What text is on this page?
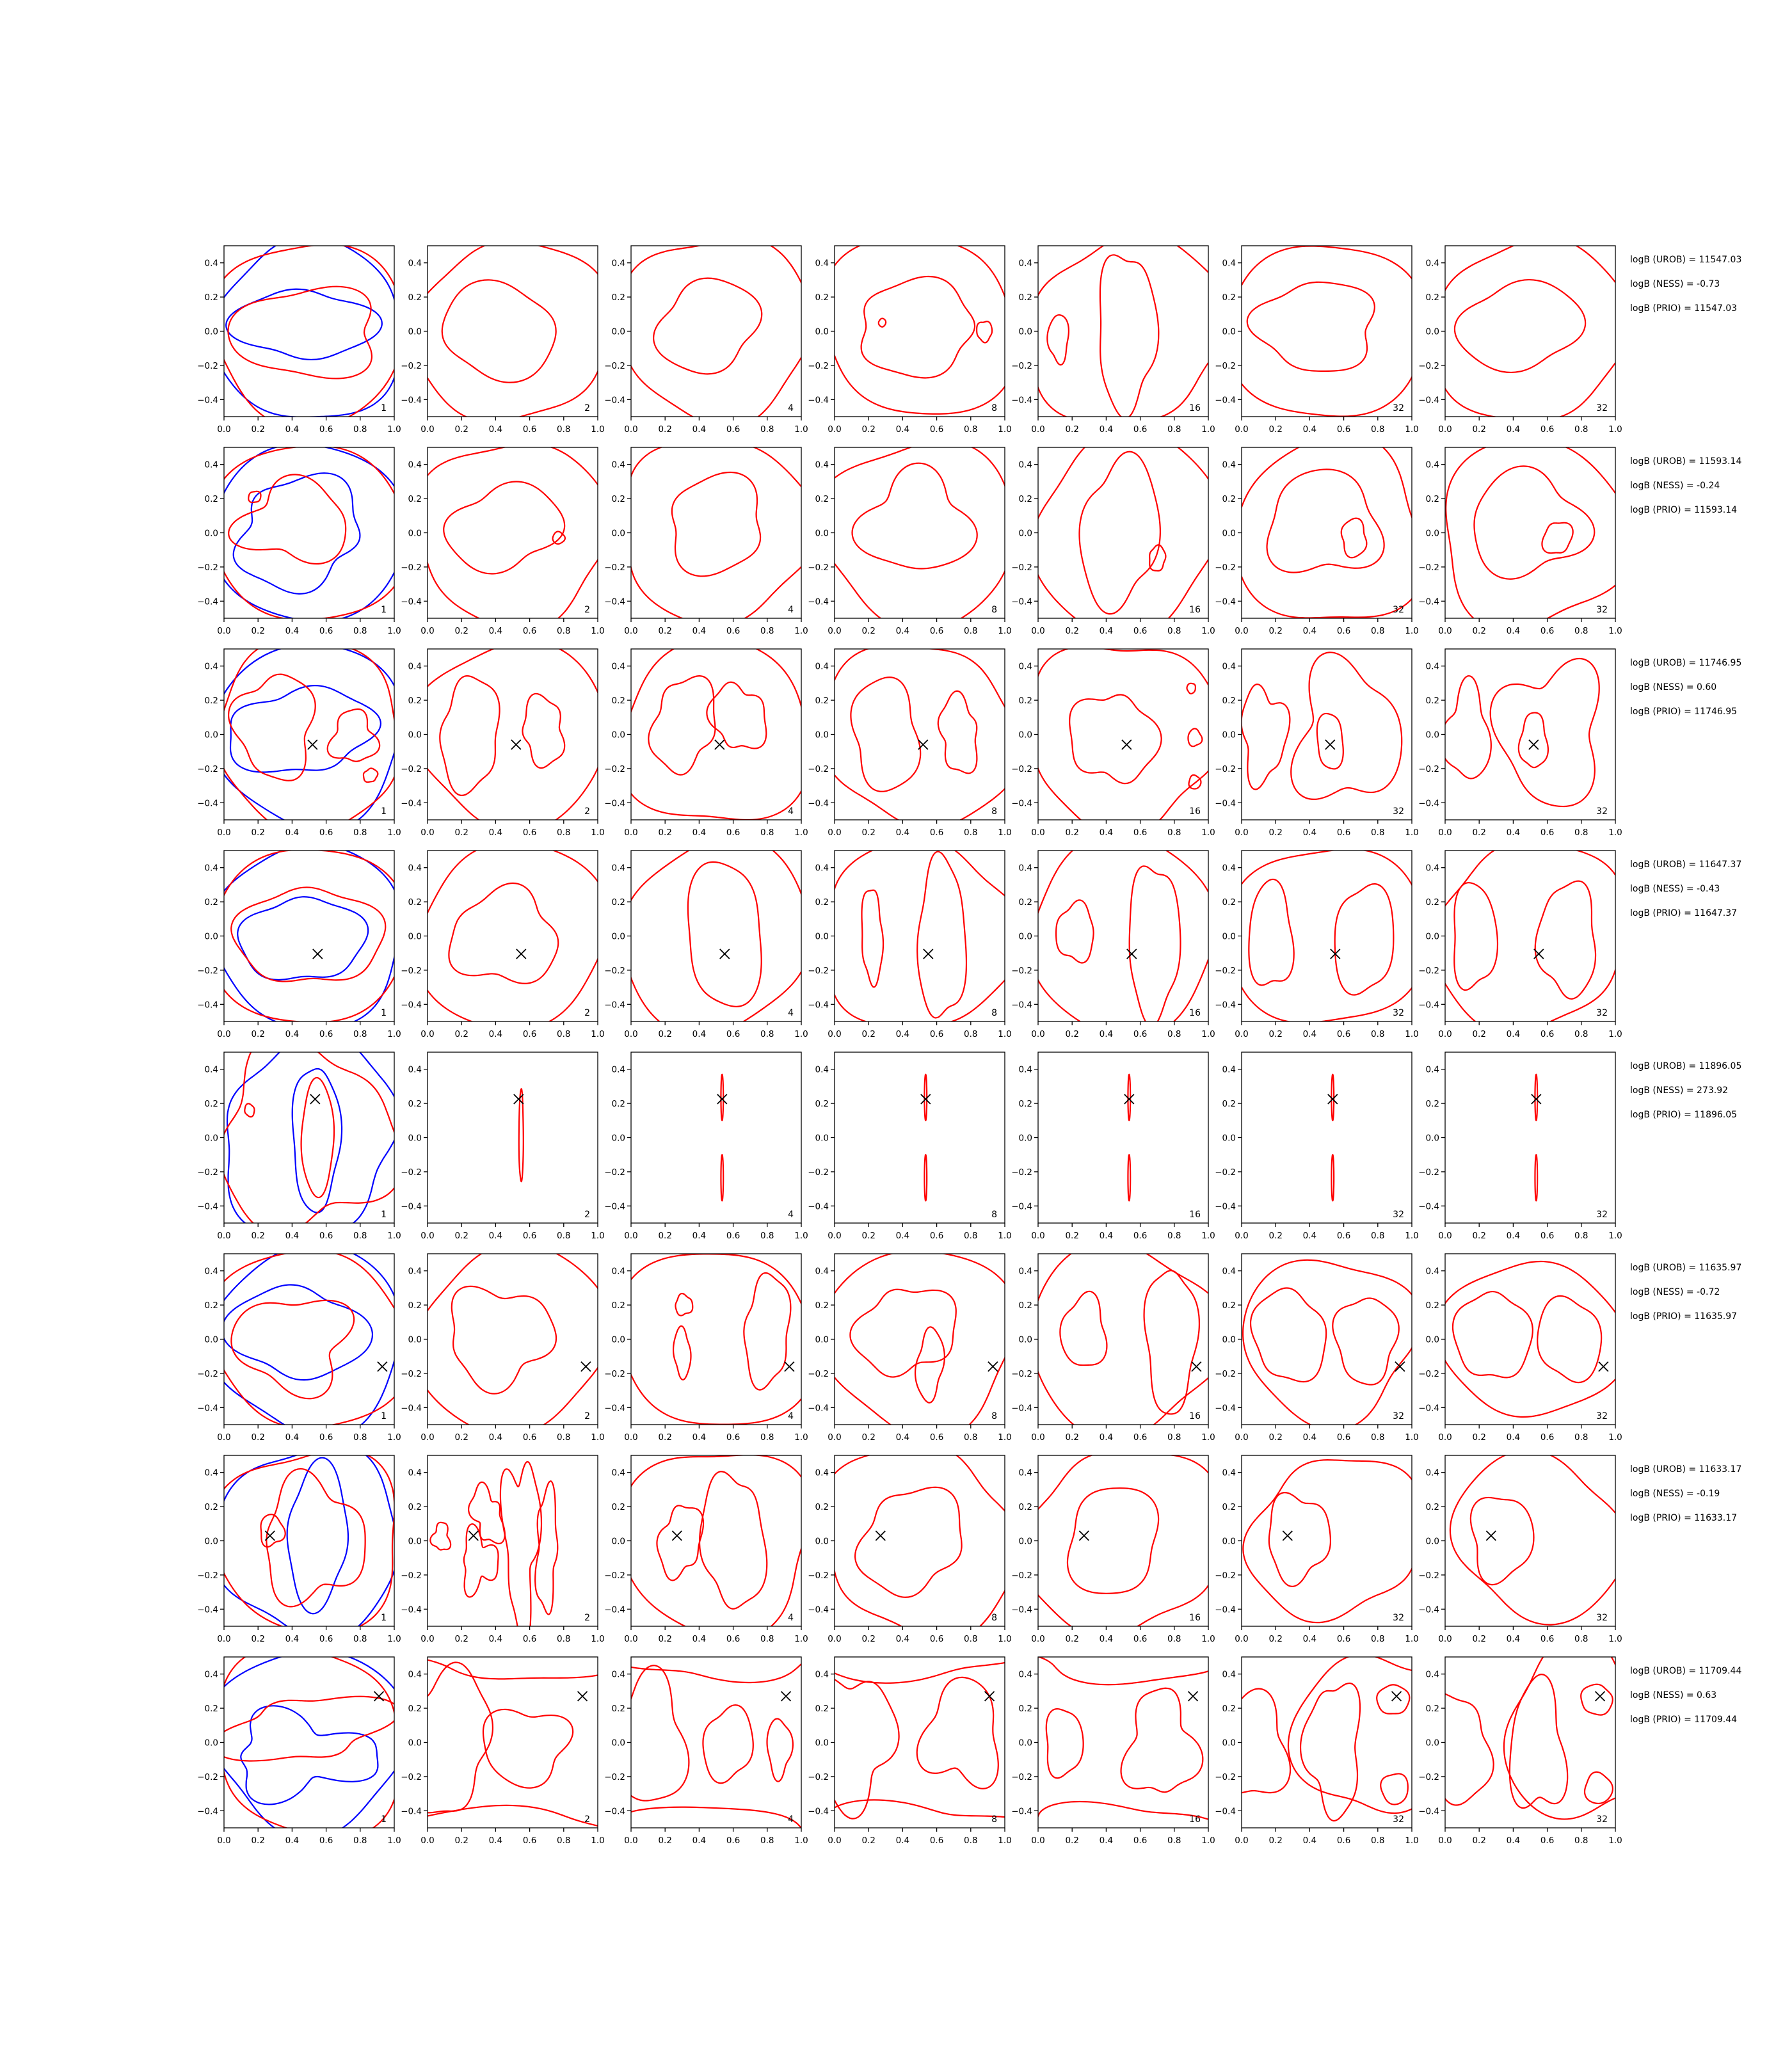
0.0 0.2 0.4 0.6 0.8 1.0
0.4
0.2
0.0
−0.2
−0.4
1
0.0 0.2 0.4 0.6 0.8 1.0
0.4
0.2
0.0
−0.2
−0.4
2
0.0 0.2 0.4 0.6 0.8 1.0
0.4
0.2
0.0
−0.2
−0.4
4
0.0 0.2 0.4 0.6 0.8 1.0
0.4
0.2
0.0
−0.2
−0.4
8
0.0 0.2 0.4 0.6 0.8 1.0
0.4
0.2
0.0
−0.2
−0.4
16
0.0 0.2 0.4 0.6 0.8 1.0
0.4
0.2
0.0
−0.2
−0.4
32
0.0 0.2 0.4 0.6 0.8 1.0
0.4
0.2
0.0
−0.2
−0.4
32
logB (UROB) = 11547.03
logB (NESS) = -0.73
logB (PRIO) = 11547.03
0.0 0.2 0.4 0.6 0.8 1.0
0.4
0.2
0.0
−0.2
−0.4
1
0.0 0.2 0.4 0.6 0.8 1.0
0.4
0.2
0.0
−0.2
−0.4
2
0.0 0.2 0.4 0.6 0.8 1.0
0.4
0.2
0.0
−0.2
−0.4
4
0.0 0.2 0.4 0.6 0.8 1.0
0.4
0.2
0.0
−0.2
−0.4
8
0.0 0.2 0.4 0.6 0.8 1.0
0.4
0.2
0.0
−0.2
−0.4
16
0.0 0.2 0.4 0.6 0.8 1.0
0.4
0.2
0.0
−0.2
−0.4
32
0.0 0.2 0.4 0.6 0.8 1.0
0.4
0.2
0.0
−0.2
−0.4
32
logB (UROB) = 11593.14
logB (NESS) = -0.24
logB (PRIO) = 11593.14
0.0 0.2 0.4 0.6 0.8 1.0
0.4
0.2
0.0
−0.2
−0.4
1
0.0 0.2 0.4 0.6 0.8 1.0
0.4
0.2
0.0
−0.2
−0.4
2
0.0 0.2 0.4 0.6 0.8 1.0
0.4
0.2
0.0
−0.2
−0.4
4
0.0 0.2 0.4 0.6 0.8 1.0
0.4
0.2
0.0
−0.2
−0.4
8
0.0 0.2 0.4 0.6 0.8 1.0
0.4
0.2
0.0
−0.2
−0.4
16
0.0 0.2 0.4 0.6 0.8 1.0
0.4
0.2
0.0
−0.2
−0.4
32
0.0 0.2 0.4 0.6 0.8 1.0
0.4
0.2
0.0
−0.2
−0.4
32
logB (UROB) = 11746.95
logB (NESS) = 0.60
logB (PRIO) = 11746.95
0.0 0.2 0.4 0.6 0.8 1.0
0.4
0.2
0.0
−0.2
−0.4
1
0.0 0.2 0.4 0.6 0.8 1.0
0.4
0.2
0.0
−0.2
−0.4
2
0.0 0.2 0.4 0.6 0.8 1.0
0.4
0.2
0.0
−0.2
−0.4
4
0.0 0.2 0.4 0.6 0.8 1.0
0.4
0.2
0.0
−0.2
−0.4
8
0.0 0.2 0.4 0.6 0.8 1.0
0.4
0.2
0.0
−0.2
−0.4
16
0.0 0.2 0.4 0.6 0.8 1.0
0.4
0.2
0.0
−0.2
−0.4
32
0.0 0.2 0.4 0.6 0.8 1.0
0.4
0.2
0.0
−0.2
−0.4
32
logB (UROB) = 11647.37
logB (NESS) = -0.43
logB (PRIO) = 11647.37
0.0 0.2 0.4 0.6 0.8 1.0
0.4
0.2
0.0
−0.2
−0.4
1
0.0 0.2 0.4 0.6 0.8 1.0
0.4
0.2
0.0
−0.2
−0.4
2
0.0 0.2 0.4 0.6 0.8 1.0
0.4
0.2
0.0
−0.2
−0.4
4
0.0 0.2 0.4 0.6 0.8 1.0
0.4
0.2
0.0
−0.2
−0.4
8
0.0 0.2 0.4 0.6 0.8 1.0
0.4
0.2
0.0
−0.2
−0.4
16
0.0 0.2 0.4 0.6 0.8 1.0
0.4
0.2
0.0
−0.2
−0.4
32
0.0 0.2 0.4 0.6 0.8 1.0
0.4
0.2
0.0
−0.2
−0.4
32
logB (UROB) = 11896.05
logB (NESS) = 273.92
logB (PRIO) = 11896.05
0.0 0.2 0.4 0.6 0.8 1.0
0.4
0.2
0.0
−0.2
−0.4
1
0.0 0.2 0.4 0.6 0.8 1.0
0.4
0.2
0.0
−0.2
−0.4
2
0.0 0.2 0.4 0.6 0.8 1.0
0.4
0.2
0.0
−0.2
−0.4
4
0.0 0.2 0.4 0.6 0.8 1.0
0.4
0.2
0.0
−0.2
−0.4
8
0.0 0.2 0.4 0.6 0.8 1.0
0.4
0.2
0.0
−0.2
−0.4
16
0.0 0.2 0.4 0.6 0.8 1.0
0.4
0.2
0.0
−0.2
−0.4
32
0.0 0.2 0.4 0.6 0.8 1.0
0.4
0.2
0.0
−0.2
−0.4
32
logB (UROB) = 11635.97
logB (NESS) = -0.72
logB (PRIO) = 11635.97
0.0 0.2 0.4 0.6 0.8 1.0
0.4
0.2
0.0
−0.2
−0.4
1
0.0 0.2 0.4 0.6 0.8 1.0
0.4
0.2
0.0
−0.2
−0.4
2
0.0 0.2 0.4 0.6 0.8 1.0
0.4
0.2
0.0
−0.2
−0.4
4
0.0 0.2 0.4 0.6 0.8 1.0
0.4
0.2
0.0
−0.2
−0.4
8
0.0 0.2 0.4 0.6 0.8 1.0
0.4
0.2
0.0
−0.2
−0.4
16
0.0 0.2 0.4 0.6 0.8 1.0
0.4
0.2
0.0
−0.2
−0.4
32
0.0 0.2 0.4 0.6 0.8 1.0
0.4
0.2
0.0
−0.2
−0.4
32
logB (UROB) = 11633.17
logB (NESS) = -0.19
logB (PRIO) = 11633.17
0.0 0.2 0.4 0.6 0.8 1.0
0.4
0.2
0.0
−0.2
−0.4
1
0.0 0.2 0.4 0.6 0.8 1.0
0.4
0.2
0.0
−0.2
−0.4
2
0.0 0.2 0.4 0.6 0.8 1.0
0.4
0.2
0.0
−0.2
−0.4
4
0.0 0.2 0.4 0.6 0.8 1.0
0.4
0.2
0.0
−0.2
−0.4
8
0.0 0.2 0.4 0.6 0.8 1.0
0.4
0.2
0.0
−0.2
−0.4
16
0.0 0.2 0.4 0.6 0.8 1.0
0.4
0.2
0.0
−0.2
−0.4
32
0.0 0.2 0.4 0.6 0.8 1.0
0.4
0.2
0.0
−0.2
−0.4
32
logB (UROB) = 11709.44
logB (NESS) = 0.63
logB (PRIO) = 11709.44
